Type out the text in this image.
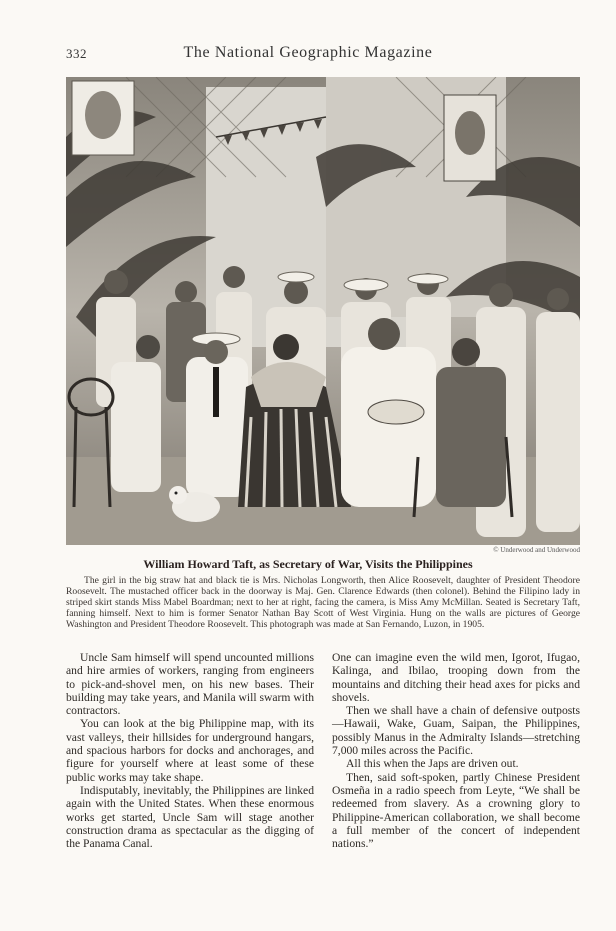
332	The National Geographic Magazine
© Underwood and Underwood
William Howard Taft, as Secretary of War, Visits the Philippines

The girl in the big straw hat and black tie is Mrs. Nicholas Longworth, then Alice Roosevelt, daughter of President Theodore Roosevelt. The mustached officer back in the doorway is Maj. Gen. Clarence Edwards (then colonel). Behind the Filipino lady in striped skirt stands Miss Mabel Boardman; next to her at right, facing the camera, is Miss Amy McMillan. Seated is Secretary Taft, fanning himself. Next to him is former Senator Nathan Bay Scott of West Virginia. Hung on the walls are pictures of George Washington and President Theodore Roosevelt. This photograph was made at San Fernando, Luzon, in 1905.

Uncle Sam himself will spend uncounted millions and hire armies of workers, ranging from engineers to pick-and-shovel men, on his new bases. Their building may take years, and Manila will swarm with contractors.

You can look at the big Philippine map, with its vast valleys, their hillsides for underground hangars, and spacious harbors for docks and anchorages, and figure for yourself where at least some of these public works may take shape.

Indisputably, inevitably, the Philippines are linked again with the United States. When these enormous works get started, Uncle Sam will stage another construction drama as spectacular as the digging of the Panama Canal.

One can imagine even the wild men, Igorot, Ifugao, Kalinga, and Ibilao, trooping down from the mountains and ditching their head axes for picks and shovels.

Then we shall have a chain of defensive outposts—Hawaii, Wake, Guam, Saipan, the Philippines, possibly Manus in the Admiralty Islands—stretching 7,000 miles across the Pacific.

All this when the Japs are driven out.

Then, said soft-spoken, partly Chinese President Osmeña in a radio speech from Leyte, “We shall be redeemed from slavery. As a crowning glory to Philippine-American collaboration, we shall become a full member of the concert of independent nations.”
